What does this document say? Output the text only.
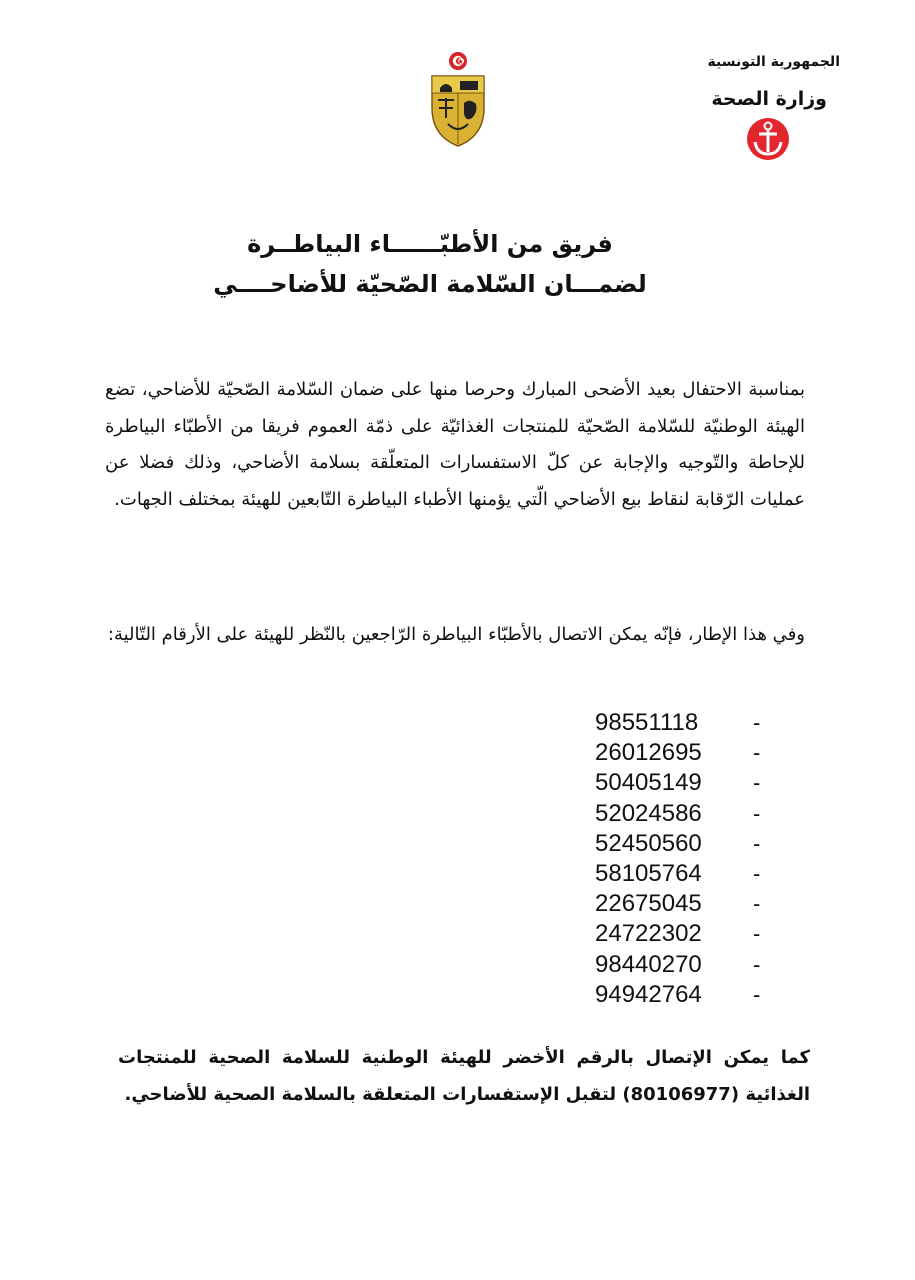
الجمهورية التونسية
وزارة الصحة
فريق من الأطبّــــــاء البياطــرة
لضمـــان السّلامة الصّحيّة للأضاحــــي
بمناسبة الاحتفال بعيد الأضحى المبارك وحرصا منها على ضمان السّلامة الصّحيّة للأضاحي، تضع الهيئة الوطنيّة للسّلامة الصّحيّة للمنتجات الغذائيّة على ذمّة العموم فريقا من الأطبّاء البياطرة للإحاطة والتّوجيه والإجابة عن كلّ الاستفسارات المتعلّقة بسلامة الأضاحي، وذلك فضلا عن عمليات الرّقابة لنقاط بيع الأضاحي الّتي يؤمنها الأطباء البياطرة التّابعين للهيئة بمختلف الجهات.
وفي هذا الإطار، فإنّه يمكن الاتصال بالأطبّاء البياطرة الرّاجعين بالنّظر للهيئة على الأرقام التّالية:
98551118 -
26012695 -
50405149 -
52024586 -
52450560 -
58105764 -
22675045 -
24722302 -
98440270 -
94942764 -
كما يمكن الإتصال بالرقم الأخضر للهيئة الوطنية للسلامة الصحية للمنتجات الغذائية (80106977) لتقبل الإستفسارات المتعلقة بالسلامة الصحية للأضاحي.
